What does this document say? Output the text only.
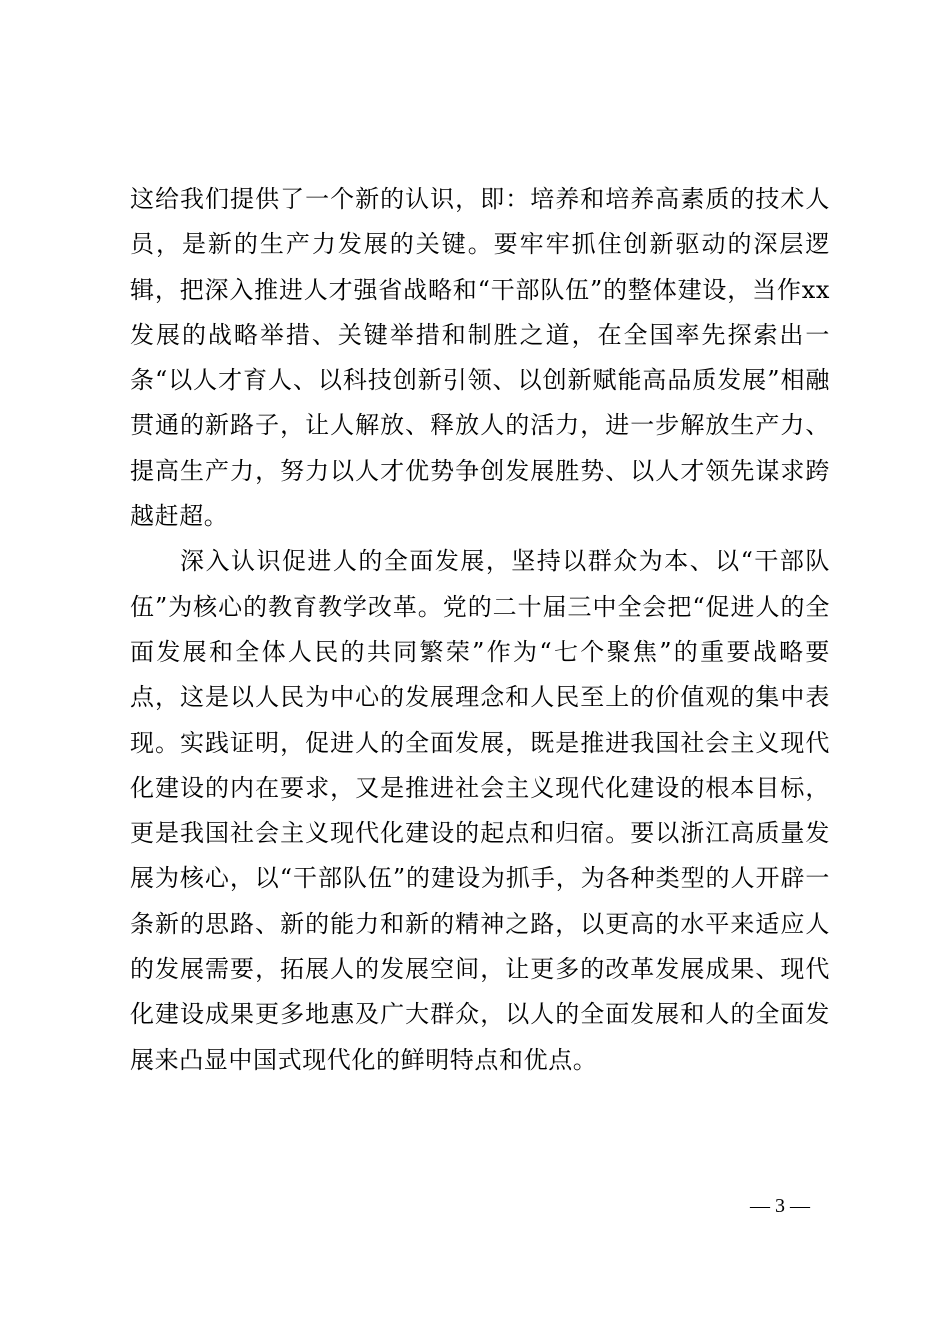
这给我们提供了一个新的认识，即：培养和培养高素质的技术人员，是新的生产力发展的关键。要牢牢抓住创新驱动的深层逻辑，把深入推进人才强省战略和“干部队伍”的整体建设，当作xx发展的战略举措、关键举措和制胜之道，在全国率先探索出一条“以人才育人、以科技创新引领、以创新赋能高品质发展”相融贯通的新路子，让人解放、释放人的活力，进一步解放生产力、提高生产力，努力以人才优势争创发展胜势、以人才领先谋求跨越赶超。

深入认识促进人的全面发展，坚持以群众为本、以“干部队伍”为核心的教育教学改革。党的二十届三中全会把“促进人的全面发展和全体人民的共同繁荣”作为“七个聚焦”的重要战略要点，这是以人民为中心的发展理念和人民至上的价值观的集中表现。实践证明，促进人的全面发展，既是推进我国社会主义现代化建设的内在要求，又是推进社会主义现代化建设的根本目标，更是我国社会主义现代化建设的起点和归宿。要以浙江高质量发展为核心，以“干部队伍”的建设为抓手，为各种类型的人开辟一条新的思路、新的能力和新的精神之路，以更高的水平来适应人的发展需要，拓展人的发展空间，让更多的改革发展成果、现代化建设成果更多地惠及广大群众，以人的全面发展和人的全面发展来凸显中国式现代化的鲜明特点和优点。

— 3 —
